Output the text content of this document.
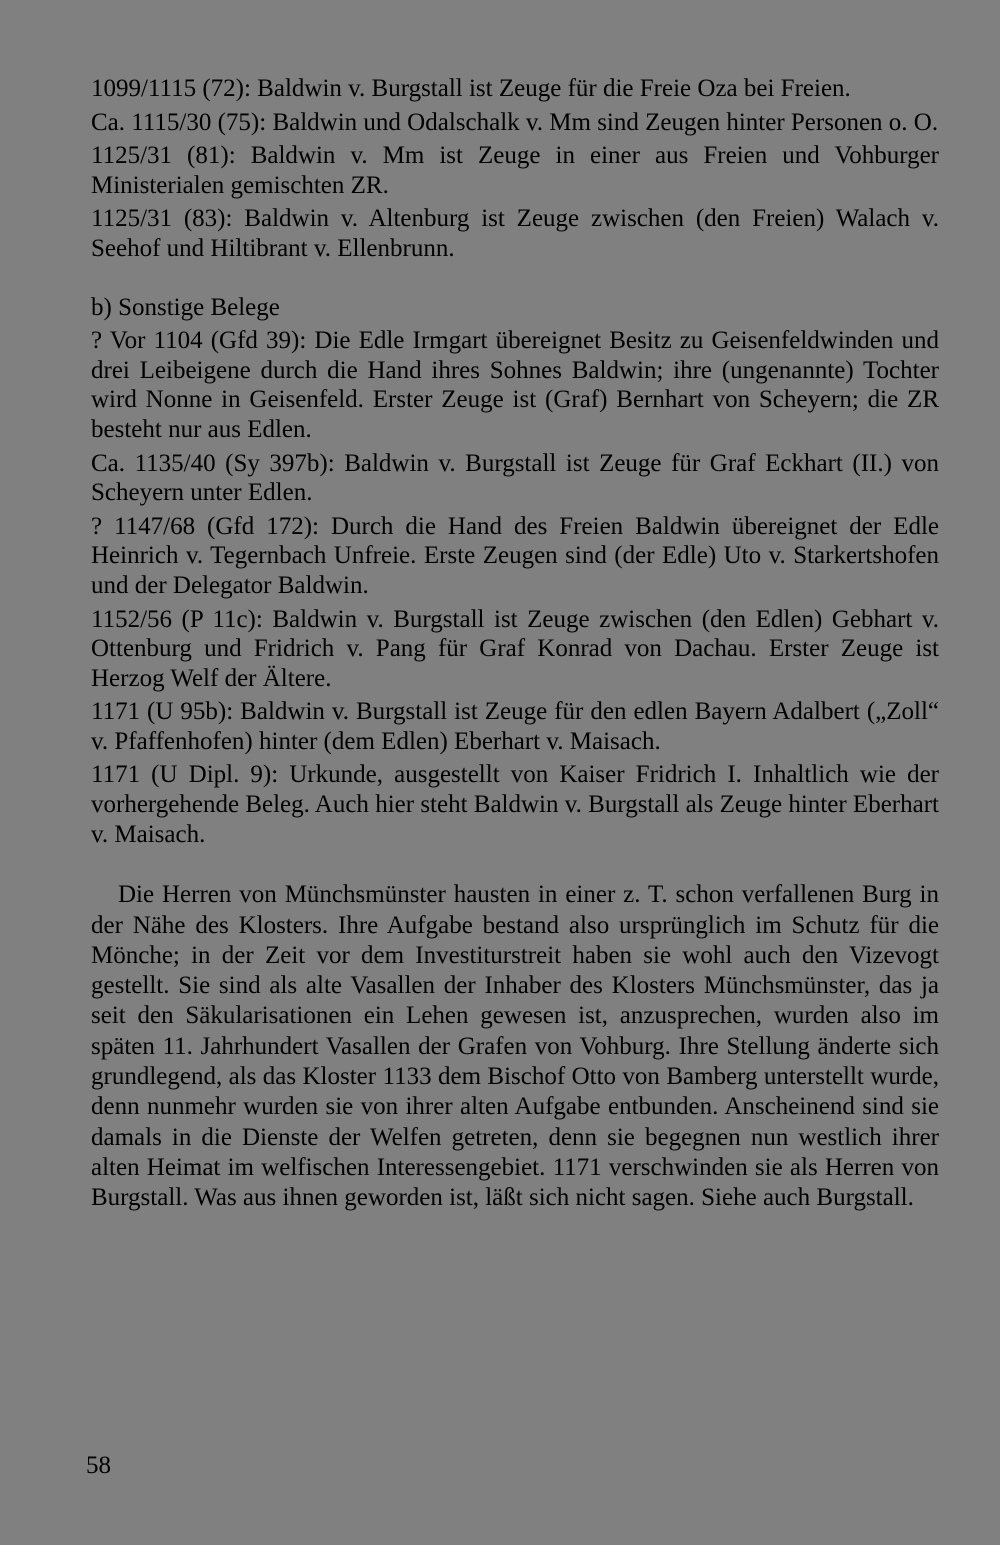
1099/1115 (72): Baldwin v. Burgstall ist Zeuge für die Freie Oza bei Freien.

Ca. 1115/30 (75): Baldwin und Odalschalk v. Mm sind Zeugen hinter Personen o. O.

1125/31 (81): Baldwin v. Mm ist Zeuge in einer aus Freien und Vohburger Ministerialen gemischten ZR.

1125/31 (83): Baldwin v. Altenburg ist Zeuge zwischen (den Freien) Walach v. Seehof und Hiltibrant v. Ellenbrunn.

b) Sonstige Belege

? Vor 1104 (Gfd 39): Die Edle Irmgart übereignet Besitz zu Geisenfeldwinden und drei Leibeigene durch die Hand ihres Sohnes Baldwin; ihre (ungenannte) Tochter wird Nonne in Geisenfeld. Erster Zeuge ist (Graf) Bernhart von Scheyern; die ZR besteht nur aus Edlen.

Ca. 1135/40 (Sy 397b): Baldwin v. Burgstall ist Zeuge für Graf Eckhart (II.) von Scheyern unter Edlen.

? 1147/68 (Gfd 172): Durch die Hand des Freien Baldwin übereignet der Edle Heinrich v. Tegernbach Unfreie. Erste Zeugen sind (der Edle) Uto v. Starkertshofen und der Delegator Baldwin.

1152/56 (P 11c): Baldwin v. Burgstall ist Zeuge zwischen (den Edlen) Gebhart v. Ottenburg und Fridrich v. Pang für Graf Konrad von Dachau. Erster Zeuge ist Herzog Welf der Ältere.

1171 (U 95b): Baldwin v. Burgstall ist Zeuge für den edlen Bayern Adalbert („Zoll“ v. Pfaffenhofen) hinter (dem Edlen) Eberhart v. Maisach.

1171 (U Dipl. 9): Urkunde, ausgestellt von Kaiser Fridrich I. Inhaltlich wie der vorhergehende Beleg. Auch hier steht Baldwin v. Burgstall als Zeuge hinter Eberhart v. Maisach.

Die Herren von Münchsmünster hausten in einer z. T. schon verfallenen Burg in der Nähe des Klosters. Ihre Aufgabe bestand also ursprünglich im Schutz für die Mönche; in der Zeit vor dem Investiturstreit haben sie wohl auch den Vizevogt gestellt. Sie sind als alte Vasallen der Inhaber des Klosters Münchsmünster, das ja seit den Säkularisationen ein Lehen gewesen ist, anzusprechen, wurden also im späten 11. Jahrhundert Vasallen der Grafen von Vohburg. Ihre Stellung änderte sich grundlegend, als das Kloster 1133 dem Bischof Otto von Bamberg unterstellt wurde, denn nunmehr wurden sie von ihrer alten Aufgabe entbunden. Anscheinend sind sie damals in die Dienste der Welfen getreten, denn sie begegnen nun westlich ihrer alten Heimat im welfischen Interessengebiet. 1171 verschwinden sie als Herren von Burgstall. Was aus ihnen geworden ist, läßt sich nicht sagen. Siehe auch Burgstall.

58
